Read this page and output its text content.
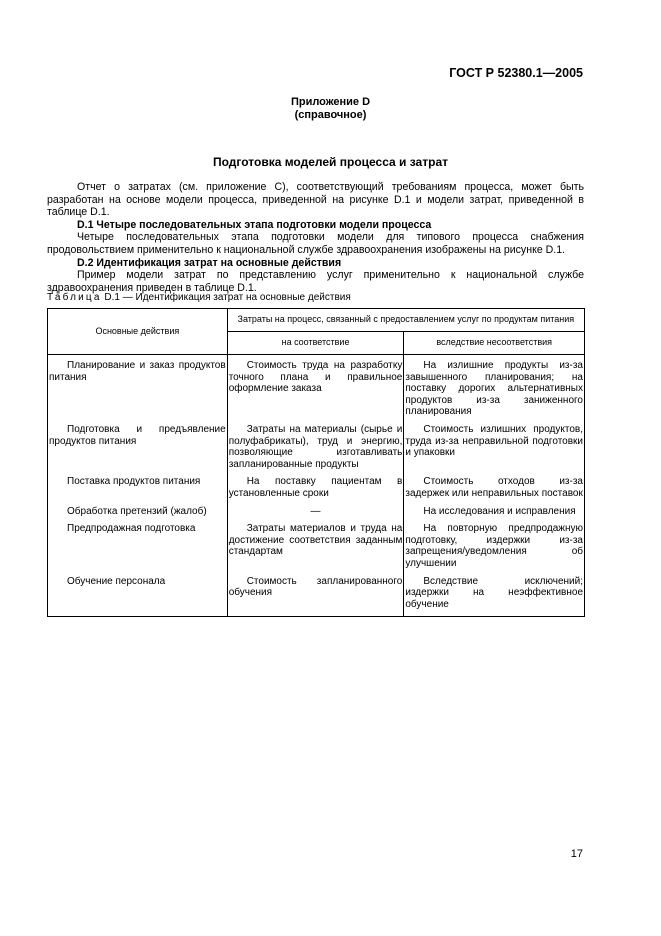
ГОСТ Р 52380.1—2005
Приложение D
(справочное)
Подготовка моделей процесса и затрат

Отчет о затратах (см. приложение С), соответствующий требованиям процесса, может быть разработан на основе модели процесса, приведенной на рисунке D.1 и модели затрат, приведенной в таблице D.1.

D.1 Четыре последовательных этапа подготовки модели процесса

Четыре последовательных этапа подготовки модели для типового процесса снабжения продовольствием применительно к национальной службе здравоохранения изображены на рисунке D.1.

D.2 Идентификация затрат на основные действия

Пример модели затрат по представлению услуг применительно к национальной службе здравоохранения приведен в таблице D.1.

Таблица D.1 — Идентификация затрат на основные действия
Основные действия	Затраты на процесс, связанный с предоставлением услуг по продуктам питания	
	на соответствие	вследствие несоответствия
Планирование и заказ продуктов питания	Стоимость труда на разработку точного плана и правильное оформление заказа	На излишние продукты из-за завышенного планирования; на поставку дорогих альтернативных продуктов из-за заниженного планирования
Подготовка и предъявление продуктов питания	Затраты на материалы (сырье и полуфабрикаты), труд и энергию, позволяющие изготавливать запланированные продукты	Стоимость излишних продуктов, труда из-за неправильной подготовки и упаковки
Поставка продуктов питания	На поставку пациентам в установленные сроки	Стоимость отходов из-за задержек или неправильных поставок
Обработка претензий (жалоб)	—	На исследования и исправления
Предпродажная подготовка	Затраты материалов и труда на достижение соответствия заданным стандартам	На повторную предпродажную подготовку, издержки из-за запрещения/уведомления об улучшении
Обучение персонала	Стоимость запланированного обучения	Вследствие исключений; издержки на неэффективное обучение
17
